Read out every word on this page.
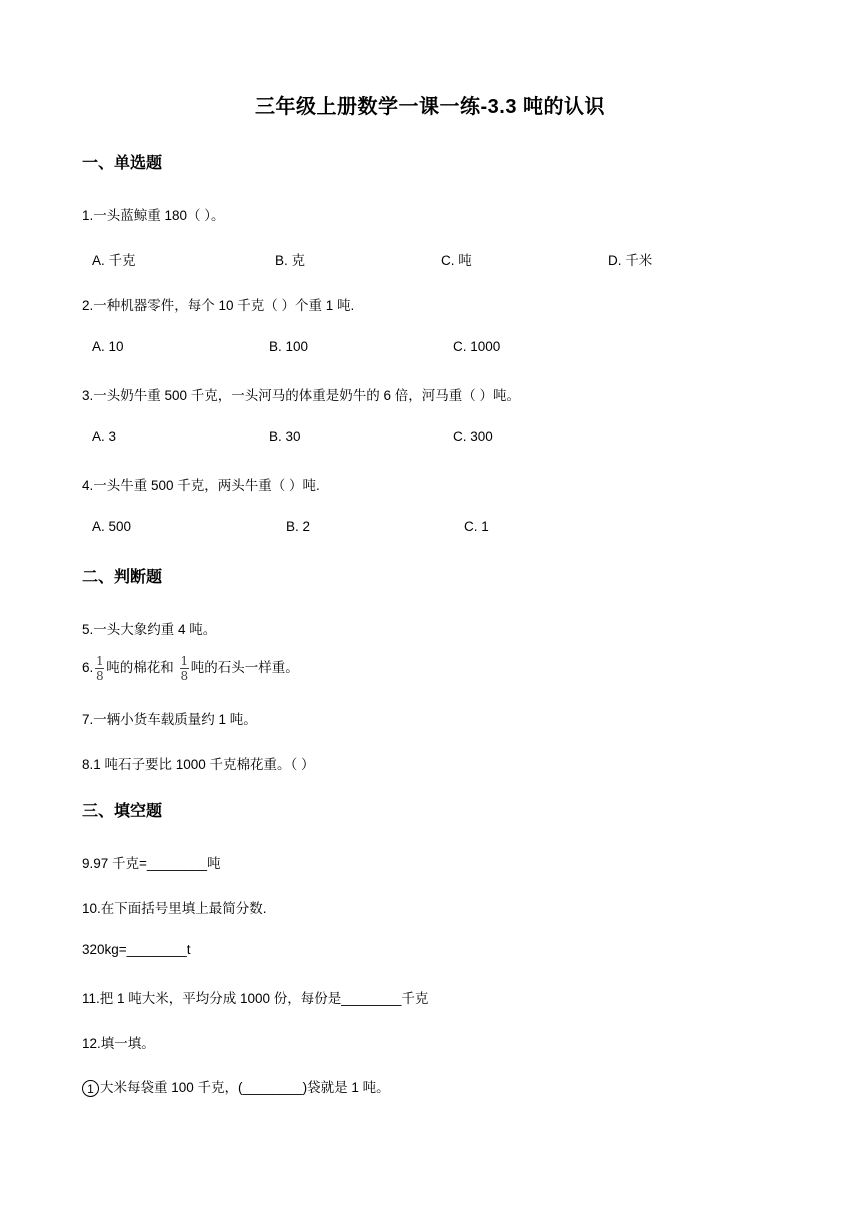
三年级上册数学一课一练-3.3 吨的认识
一、单选题
1.一头蓝鲸重 180（ ）。
A. 千克	B. 克	C. 吨	D. 千米
2.一种机器零件，每个 10 千克（ ）个重 1 吨.
A. 10	B. 100	C. 1000
3.一头奶牛重 500 千克，一头河马的体重是奶牛的 6 倍，河马重（ ）吨。
A. 3	B. 30	C. 300
4.一头牛重 500 千克，两头牛重（ ）吨.
A. 500	B. 2	C. 1
二、判断题
5.一头大象约重 4 吨。
6. $\frac{1}{8}$ 吨的棉花和 $\frac{1}{8}$ 吨的石头一样重。
7.一辆小货车载质量约 1 吨。
8.1 吨石子要比 1000 千克棉花重。（ ）
三、填空题
9.97 千克=________吨
10.在下面括号里填上最简分数.
320kg=________t
11.把 1 吨大米，平均分成 1000 份，每份是________千克
12.填一填。
1 大米每袋重 100 千克，(________)袋就是 1 吨。
